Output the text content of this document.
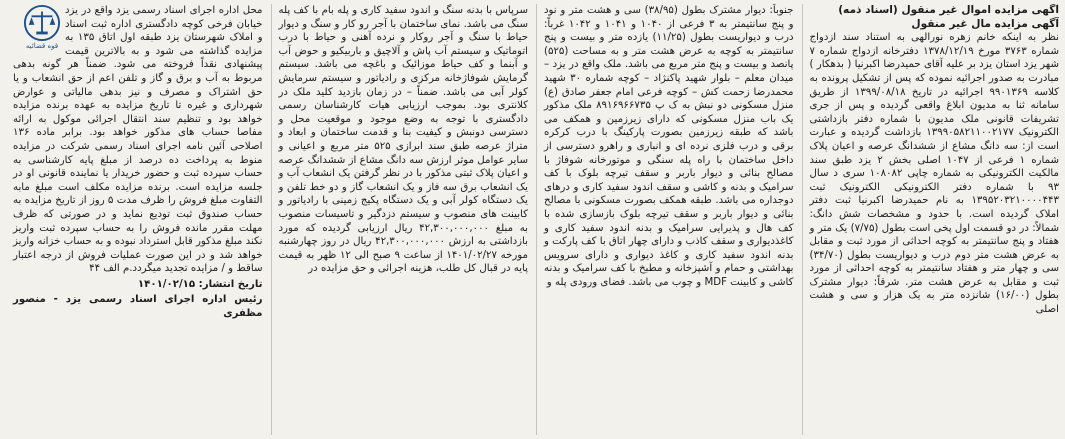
آگهی مزایده اموال غیر منقول (اسناد ذمه)
آگهی مزایده مال غیر منقول

نظر به اینکه خانم زهره نورالهی به استناد سند ازدواج شماره ۳۷۶۳ مورخ ۱۳۷۸/۱۲/۱۹ دفترخانه ازدواج شماره ۷ شهر یزد استان یزد بر علیه آقای حمیدرضا اکبرنیا ( بدهکار ) مبادرت به صدور اجرائیه نموده که پس از تشکیل پرونده به کلاسه ۹۹۰۱۳۶۹ اجرائیه در تاریخ ۱۳۹۹/۰۸/۱۸ از طریق سامانه ثنا به مدیون ابلاغ واقعی گردیده و پس از جری تشریفات قانونی ملک مدیون با شماره دفتر بازداشتی الکترونیک ۱۳۹۹۰۵۸۲۱۱۰۰۲۱۷۷ بازداشت گردیده و عبارت است از: سه دانگ مشاع از ششدانگ عرصه و اعیان پلاک شماره ۱ فرعی از ۱۰۴۷ اصلی بخش ۲ یزد طبق سند مالکیت الکترونیکی به شماره چاپی ۱۰۸۰۸۲ سری د سال ۹۳ با شماره دفتر الکترونیکی الکترونیک ثبت ۱۳۹۵۲۰۳۲۱۰۰۰۰۴۴۳ به نام حمیدرضا اکبرنیا ثبت دفتر املاک گردیده است. با حدود و مشخصات شش دانگ: شمالاً: در دو قسمت اول پخی است بطول (۷/۷۵) یک متر و هفتاد و پنج سانتیمتر به کوچه احداثی از مورد ثبت و مقابل به عرض هشت متر دوم درب و دیواریست بطول (۳۴/۷۰) سی و چهار متر و هفتاد سانتیمتر به کوچه احداثی از مورد ثبت و مقابل به عرض هشت متر. شرقاً: دیوار مشترک بطول (۱۶/۰۰) شانزده متر به یک هزار و سی و هشت اصلی

جنوباً: دیوار مشترک بطول (۳۸/۹۵) سی و هشت متر و نود و پنج سانتیمتر به ۳ فرعی از ۱۰۴۰ و ۱۰۴۱ و ۱۰۴۲ غرباً: درب و دیواریست بطول (۱۱/۲۵) یازده متر و بیست و پنج سانتیمتر به کوچه به عرض هشت متر و به مساحت (۵۲۵) پانصد و بیست و پنج متر مربع می باشد. ملک واقع در یزد – میدان معلم – بلوار شهید پاکنژاد – کوچه شماره ۳۰ شهید محمدرضا زحمت کش – کوچه فرعی امام جعفر صادق (ع) منزل مسکونی دو نبش به ک پ ۸۹۱۶۹۶۶۷۳۵ ملک مذکور یک باب منزل مسکونی که دارای زیرزمین و همکف می باشد که طبقه زیرزمین بصورت پارکینگ با درب کرکره برقی و درب فلزی نرده ای و انباری و راهرو دسترسی از داخل ساختمان با راه پله سنگی و موتورخانه شوفاژ با مصالح بنائی و دیوار باربر و سقف تیرچه بلوک با کف سرامیک و بدنه و کاشی و سقف اندود سفید کاری و درهای دوجداره می باشد. طبقه همکف بصورت مسکونی با مصالح بنائی و دیوار باربر و سقف تیرچه بلوک بازسازی شده با کف هال و پذیرایی سرامیک و بدنه اندود سفید کاری و کاغذدیواری و سقف کاذب و دارای چهار اتاق با کف پارکت و بدنه اندود سفید کاری و کاغذ دیواری و دارای سرویس بهداشتی و حمام و آشپزخانه و مطبخ با کف سرامیک و بدنه کاشی و کابینت MDF و چوب می باشد. فضای ورودی پله و

سرپاس با بدنه سنگ و اندود سفید کاری و پله بام با کف پله سنگ می باشد. نمای ساختمان با آجر رو کار و سنگ و دیوار حیاط با سنگ و آجر روکار و نرده آهنی و حیاط با درب اتوماتیک و سیستم آب پاش و آلاچیق و باربیکیو و حوض آب و آبنما و کف حیاط موزائیک و باغچه می باشد. سیستم گرمایش شوفاژخانه مرکزی و رادیاتور و سیستم سرمایش کولر آبی می باشد. ضمناً – در زمان بازدید کلید ملک در کلانتری بود. بموجب ارزیابی هیات کارشناسان رسمی دادگستری با توجه به وضع موجود و موقعیت محل و دسترسی دونبش و کیفیت بنا و قدمت ساختمان و ابعاد و متراژ عرصه طبق سند ابرازی ۵۲۵ متر مربع و اعیانی و سایر عوامل موثر ارزش سه دانگ مشاع از ششدانگ عرصه و اعیان پلاک ثبتی مذکور با در نظر گرفتن یک انشعاب آب و یک انشعاب برق سه فاز و یک انشعاب گاز و دو خط تلفن و یک دستگاه کولر آبی و یک دستگاه پکیج زمینی با رادیاتور و کابینت های منصوب و سیستم دزدگیر و تاسیسات منصوب به مبلغ ۴۲,۳۰۰,۰۰۰,۰۰۰ ریال ارزیابی گردیده که مورد بازداشتی به ارزش ۴۲,۳۰۰,۰۰۰,۰۰۰ ریال در روز چهارشنبه مورخه ۱۴۰۱/۰۲/۲۷ از ساعت ۹ صبح الی ۱۲ ظهر به قیمت پایه در قبال کل طلب، هزینه اجرائی و حق مزایده در

قوه قضائیه

محل اداره اجرای اسناد رسمی یزد واقع در یزد خیابان فرخی کوچه دادگستری اداره ثبت اسناد و املاک شهرستان یزد طبقه اول اتاق ۱۳۵ به مزایده گذاشته می شود و به بالاترین قیمت پیشنهادی نقداً فروخته می شود. ضمناً هر گونه بدهی مربوط به آب و برق و گاز و تلفن اعم از حق انشعاب و یا حق اشتراک و مصرف و نیز بدهی مالیاتی و عوارض شهرداری و غیره تا تاریخ مزایده به عهده برنده مزایده خواهد بود و تنظیم سند انتقال اجرائی موکول به ارائه مفاصا حساب های مذکور خواهد بود. برابر ماده ۱۳۶ اصلاحی آئین نامه اجرای اسناد رسمی شرکت در مزایده منوط به پرداخت ده درصد از مبلغ پایه کارشناسی به حساب سپرده ثبت و حضور خریدار یا نماینده قانونی او در جلسه مزایده است. برنده مزایده مکلف است مبلغ مابه التفاوت مبلغ فروش را ظرف مدت ۵ روز از تاریخ مزایده به حساب صندوق ثبت تودیع نماید و در صورتی که ظرف مهلت مقرر مانده فروش را به حساب سپرده ثبت واریز نکند مبلغ مذکور قابل استرداد نبوده و به حساب خزانه واریز خواهد شد و در این صورت عملیات فروش از درجه اعتبار ساقط و / مزایده تجدید میگردد.م الف ۴۴

تاریخ انتشار: ۱۴۰۱/۰۲/۱۵
رئیس اداره اجرای اسناد رسمی یزد - منصور مظفری
